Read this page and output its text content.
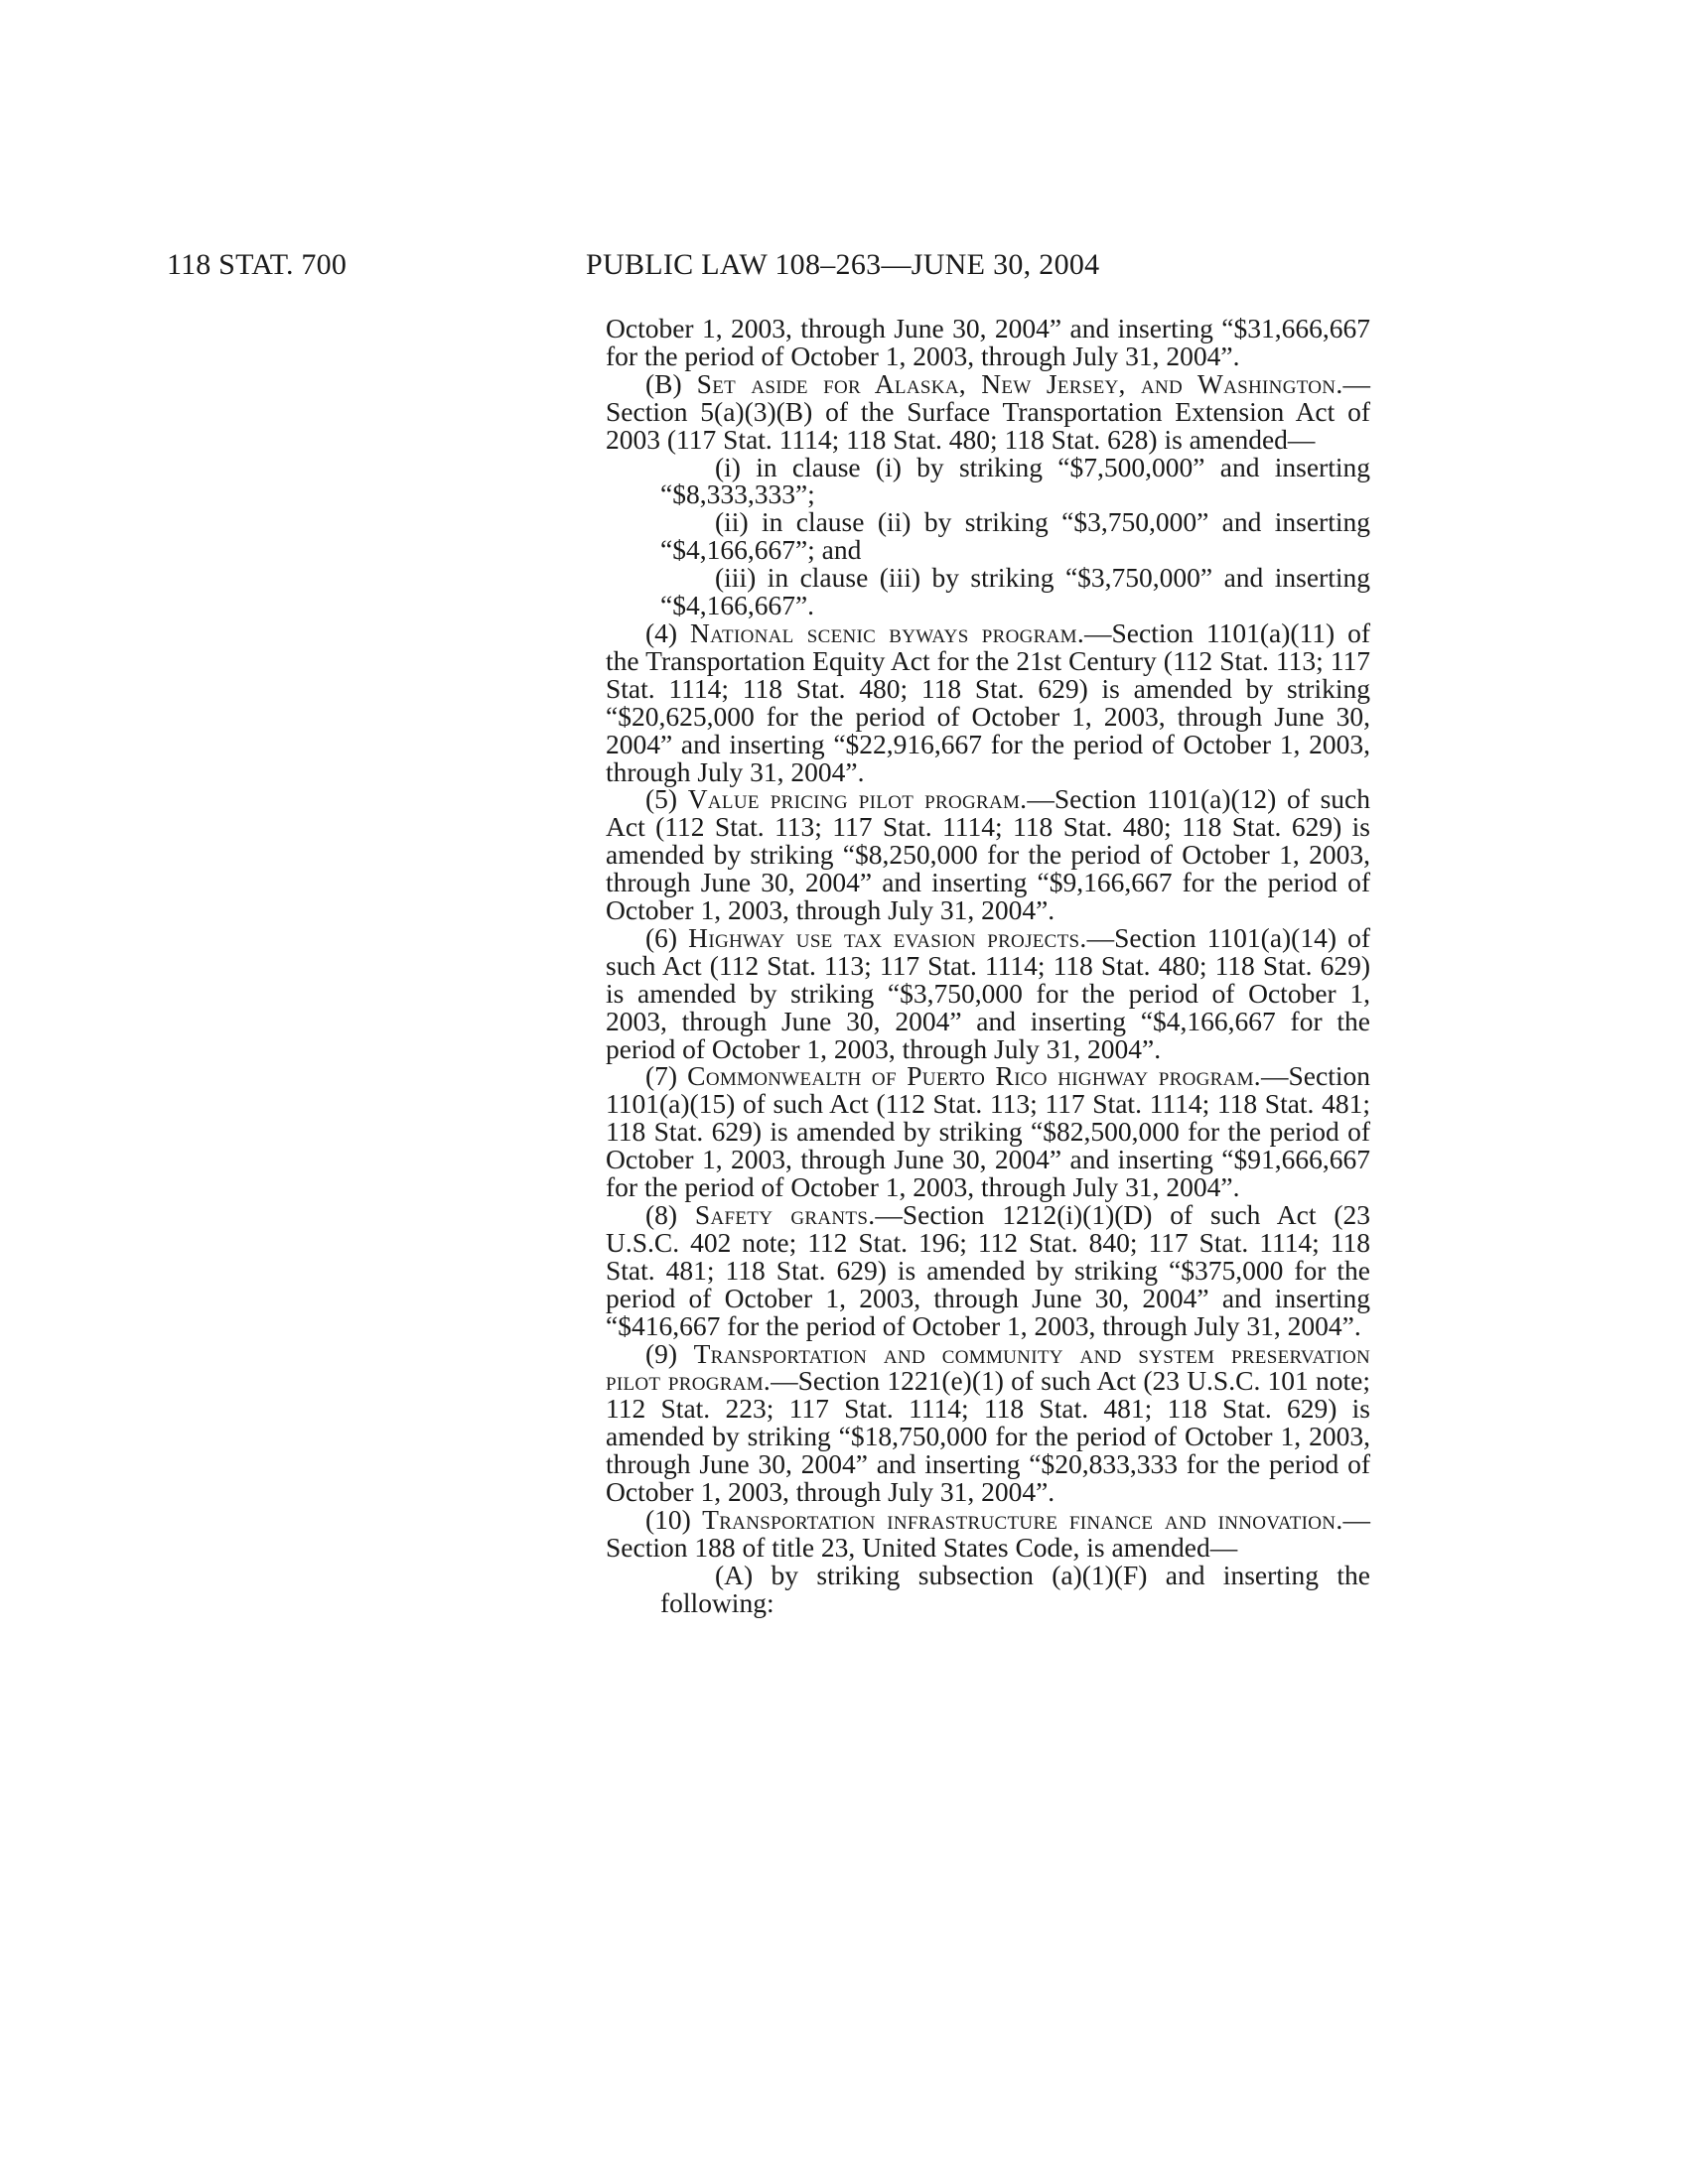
118 STAT. 700	PUBLIC LAW 108–263—JUNE 30, 2004

October 1, 2003, through June 30, 2004” and inserting “$31,666,667 for the period of October 1, 2003, through July 31, 2004”.

(B) Set aside for Alaska, New Jersey, and Washington.—Section 5(a)(3)(B) of the Surface Transportation Extension Act of 2003 (117 Stat. 1114; 118 Stat. 480; 118 Stat. 628) is amended—

(i) in clause (i) by striking “$7,500,000” and inserting “$8,333,333”;

(ii) in clause (ii) by striking “$3,750,000” and inserting “$4,166,667”; and

(iii) in clause (iii) by striking “$3,750,000” and inserting “$4,166,667”.

(4) National scenic byways program.—Section 1101(a)(11) of the Transportation Equity Act for the 21st Century (112 Stat. 113; 117 Stat. 1114; 118 Stat. 480; 118 Stat. 629) is amended by striking “$20,625,000 for the period of October 1, 2003, through June 30, 2004” and inserting “$22,916,667 for the period of October 1, 2003, through July 31, 2004”.

(5) Value pricing pilot program.—Section 1101(a)(12) of such Act (112 Stat. 113; 117 Stat. 1114; 118 Stat. 480; 118 Stat. 629) is amended by striking “$8,250,000 for the period of October 1, 2003, through June 30, 2004” and inserting “$9,166,667 for the period of October 1, 2003, through July 31, 2004”.

(6) Highway use tax evasion projects.—Section 1101(a)(14) of such Act (112 Stat. 113; 117 Stat. 1114; 118 Stat. 480; 118 Stat. 629) is amended by striking “$3,750,000 for the period of October 1, 2003, through June 30, 2004” and inserting “$4,166,667 for the period of October 1, 2003, through July 31, 2004”.

(7) Commonwealth of Puerto Rico highway program.—Section 1101(a)(15) of such Act (112 Stat. 113; 117 Stat. 1114; 118 Stat. 481; 118 Stat. 629) is amended by striking “$82,500,000 for the period of October 1, 2003, through June 30, 2004” and inserting “$91,666,667 for the period of October 1, 2003, through July 31, 2004”.

(8) Safety grants.—Section 1212(i)(1)(D) of such Act (23 U.S.C. 402 note; 112 Stat. 196; 112 Stat. 840; 117 Stat. 1114; 118 Stat. 481; 118 Stat. 629) is amended by striking “$375,000 for the period of October 1, 2003, through June 30, 2004” and inserting “$416,667 for the period of October 1, 2003, through July 31, 2004”.

(9) Transportation and community and system preservation pilot program.—Section 1221(e)(1) of such Act (23 U.S.C. 101 note; 112 Stat. 223; 117 Stat. 1114; 118 Stat. 481; 118 Stat. 629) is amended by striking “$18,750,000 for the period of October 1, 2003, through June 30, 2004” and inserting “$20,833,333 for the period of October 1, 2003, through July 31, 2004”.

(10) Transportation infrastructure finance and innovation.—Section 188 of title 23, United States Code, is amended—

(A) by striking subsection (a)(1)(F) and inserting the following:
